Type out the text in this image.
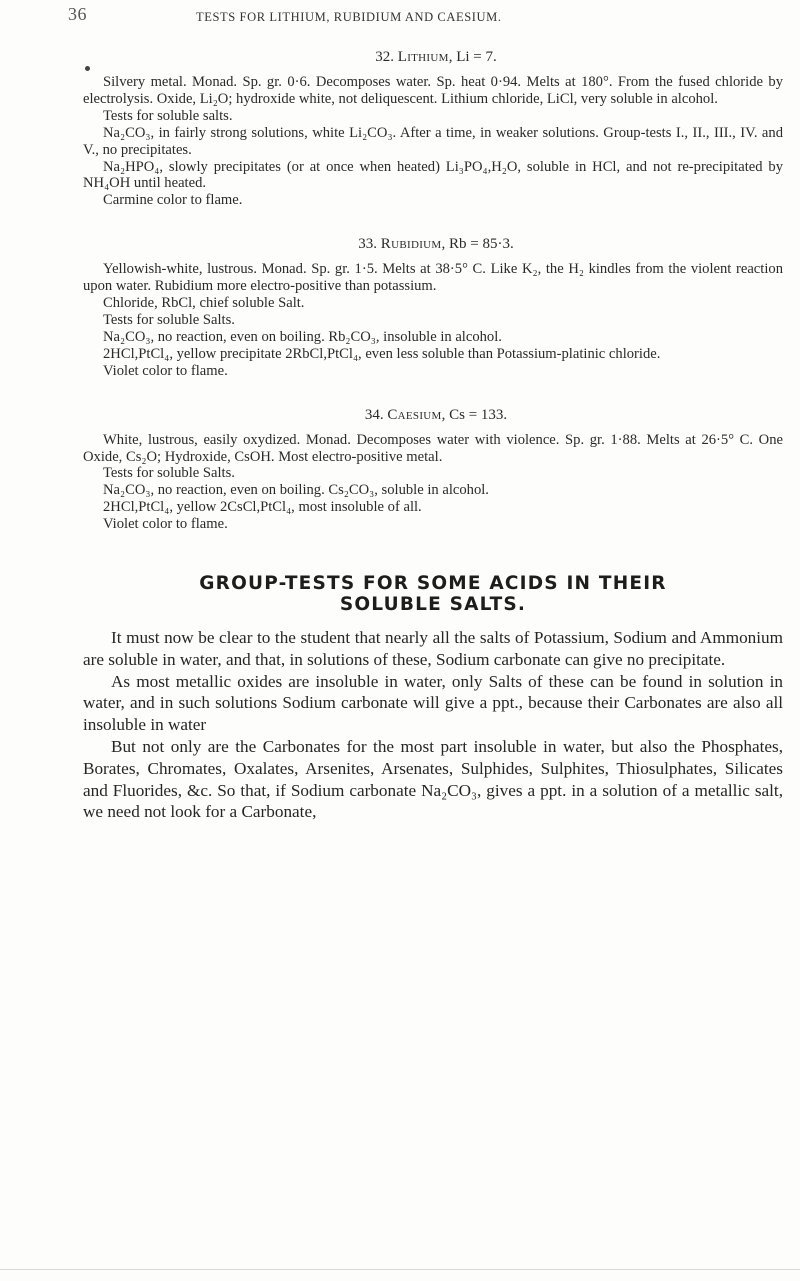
36	TESTS FOR LITHIUM, RUBIDIUM AND CAESIUM.
32. Lithium, Li = 7.

Silvery metal. Monad. Sp. gr. 0·6. Decomposes water. Sp. heat 0·94. Melts at 180°. From the fused chloride by electrolysis. Oxide, Li₂O; hydroxide white, not deliquescent. Lithium chloride, LiCl, very soluble in alcohol.

Tests for soluble salts.

Na₂CO₃, in fairly strong solutions, white Li₂CO₃. After a time, in weaker solutions. Group-tests I., II., III., IV. and V., no precipitates.

Na₂HPO₄, slowly precipitates (or at once when heated) Li₃PO₄,H₂O, soluble in HCl, and not re-precipitated by NH₄OH until heated.

Carmine color to flame.

33. Rubidium, Rb = 85·3.

Yellowish-white, lustrous. Monad. Sp. gr. 1·5. Melts at 38·5° C. Like K₂, the H₂ kindles from the violent reaction upon water. Rubidium more electro-positive than potassium.

Chloride, RbCl, chief soluble Salt.

Tests for soluble Salts.

Na₂CO₃, no reaction, even on boiling. Rb₂CO₃, insoluble in alcohol.

2HCl,PtCl₄, yellow precipitate 2RbCl,PtCl₄, even less soluble than Potassium-platinic chloride.

Violet color to flame.

34. Caesium, Cs = 133.

White, lustrous, easily oxydized. Monad. Decomposes water with violence. Sp. gr. 1·88. Melts at 26·5° C. One Oxide, Cs₂O; Hydroxide, CsOH. Most electro-positive metal.

Tests for soluble Salts.

Na₂CO₃, no reaction, even on boiling. Cs₂CO₃, soluble in alcohol.

2HCl,PtCl₄, yellow 2CsCl,PtCl₄, most insoluble of all.

Violet color to flame.

GROUP-TESTS FOR SOME ACIDS IN THEIR
SOLUBLE SALTS.

It must now be clear to the student that nearly all the salts of Potassium, Sodium and Ammonium are soluble in water, and that, in solutions of these, Sodium carbonate can give no precipitate.

As most metallic oxides are insoluble in water, only Salts of these can be found in solution in water, and in such solutions Sodium carbonate will give a ppt., because their Carbonates are also all insoluble in water

But not only are the Carbonates for the most part insoluble in water, but also the Phosphates, Borates, Chromates, Oxalates, Arsenites, Arsenates, Sulphides, Sulphites, Thiosulphates, Silicates and Fluorides, &c. So that, if Sodium carbonate Na₂CO₃, gives a ppt. in a solution of a metallic salt, we need not look for a Carbonate,
